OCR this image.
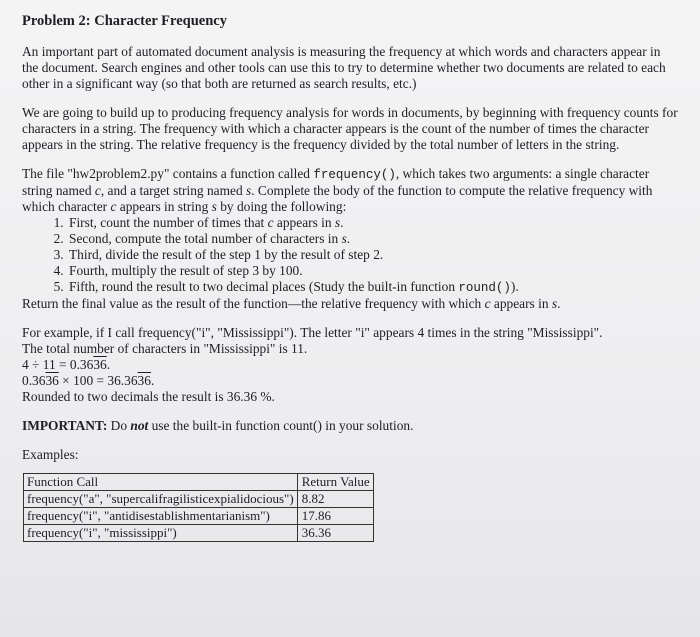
Problem 2: Character Frequency

An important part of automated document analysis is measuring the frequency at which words and characters appear in the document. Search engines and other tools can use this to try to determine whether two documents are related to each other in a significant way (so that both are returned as search results, etc.)

We are going to build up to producing frequency analysis for words in documents, by beginning with frequency counts for characters in a string. The frequency with which a character appears is the count of the number of times the character appears in the string. The relative frequency is the frequency divided by the total number of letters in the string.

The file "hw2problem2.py" contains a function called frequency(), which takes two arguments: a single character string named c, and a target string named s. Complete the body of the function to compute the relative frequency with which character c appears in string s by doing the following:

1. First, count the number of times that c appears in s.
2. Second, compute the total number of characters in s.
3. Third, divide the result of the step 1 by the result of step 2.
4. Fourth, multiply the result of step 3 by 100.
5. Fifth, round the result to two decimal places (Study the built-in function round()).

Return the final value as the result of the function—the relative frequency with which c appears in s.

For example, if I call frequency("i", "Mississippi"). The letter "i" appears 4 times in the string "Mississippi".

The total number of characters in "Mississippi" is 11.

4 ÷ 11 = 0.3636.

0.3636 × 100 = 36.3636.

Rounded to two decimals the result is 36.36 %.

IMPORTANT: Do not use the built-in function count() in your solution.

Examples:

Function Call	Return Value
frequency("a", "supercalifragilisticexpialidocious")	8.82
frequency("i", "antidisestablishmentarianism")	17.86
frequency("i", "mississippi")	36.36
